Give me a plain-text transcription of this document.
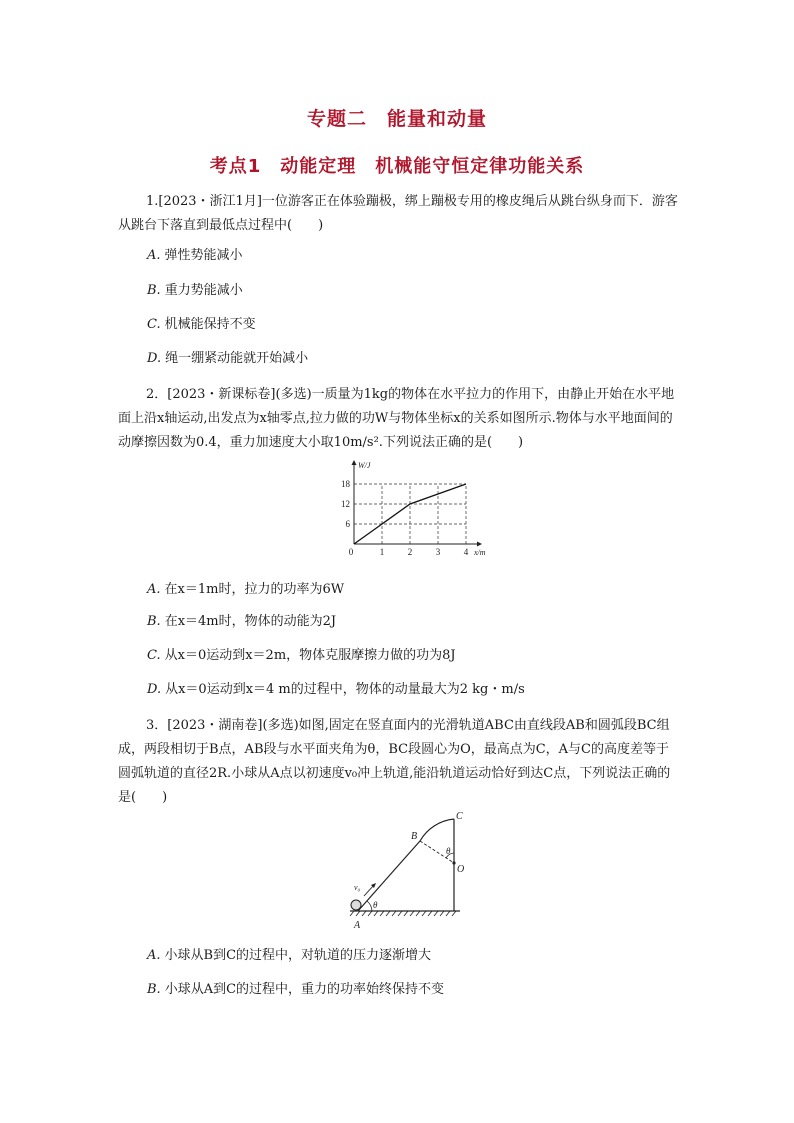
专题二　能量和动量
考点1　动能定理　机械能守恒定律功能关系
1.[2023・浙江1月]一位游客正在体验蹦极，绑上蹦极专用的橡皮绳后从跳台纵身而下．游客从跳台下落直到最低点过程中(　　)
A. 弹性势能减小
B. 重力势能减小
C. 机械能保持不变
D. 绳一绷紧动能就开始减小
2．[2023・新课标卷](多选)一质量为1kg的物体在水平拉力的作用下，由静止开始在水平地面上沿x轴运动,出发点为x轴零点,拉力做的功W与物体坐标x的关系如图所示.物体与水平地面间的动摩擦因数为0.4，重力加速度大小取10m/s².下列说法正确的是(　　)
0	1	2	3	4
6
12
18
W/J
x/m
A. 在x＝1m时，拉力的功率为6W
B. 在x＝4m时，物体的动能为2J
C. 从x＝0运动到x＝2m，物体克服摩擦力做的功为8J
D. 从x＝0运动到x＝4 m的过程中，物体的动量最大为2 kg・m/s
3．[2023・湖南卷](多选)如图,固定在竖直面内的光滑轨道ABC由直线段AB和圆弧段BC组成，两段相切于B点，AB段与水平面夹角为θ，BC段圆心为O，最高点为C，A与C的高度差等于圆弧轨道的直径2R.小球从A点以初速度v₀冲上轨道,能沿轨道运动恰好到达C点，下列说法正确的是(　　)
A
B
C
O
θ
θ
v₀
A. 小球从B到C的过程中，对轨道的压力逐渐增大
B. 小球从A到C的过程中，重力的功率始终保持不变
